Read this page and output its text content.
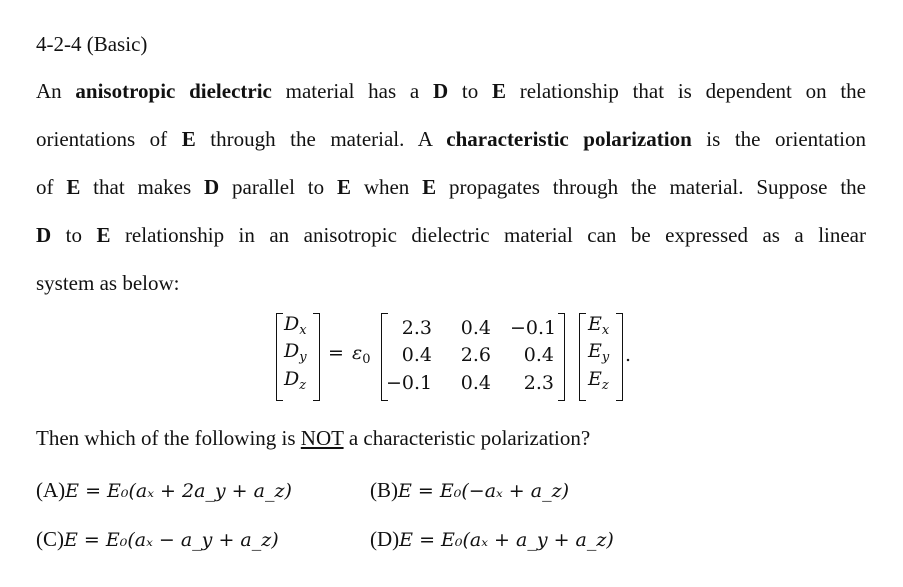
4-2-4 (Basic)
An anisotropic dielectric material has a D to E relationship that is dependent on the
orientations of E through the material. A characteristic polarization is the orientation
of E that makes D parallel to E when E propagates through the material. Suppose the
D to E relationship in an anisotropic dielectric material can be expressed as a linear
system as below:
$D_x$
$D_y$
$D_z$
= $\varepsilon_0$
2.3	0.4 −0.1
0.4	2.6	0.4
−0.1	0.4	2.3
$E_x$
$E_y$
$E_z$
.
Then which of the following is NOT a characteristic polarization?
(A)E = E₀(aₓ + 2a_y + a_z)	(B)E = E₀(−aₓ + a_z)
(C)E = E₀(aₓ − a_y + a_z)	(D)E = E₀(aₓ + a_y + a_z)
